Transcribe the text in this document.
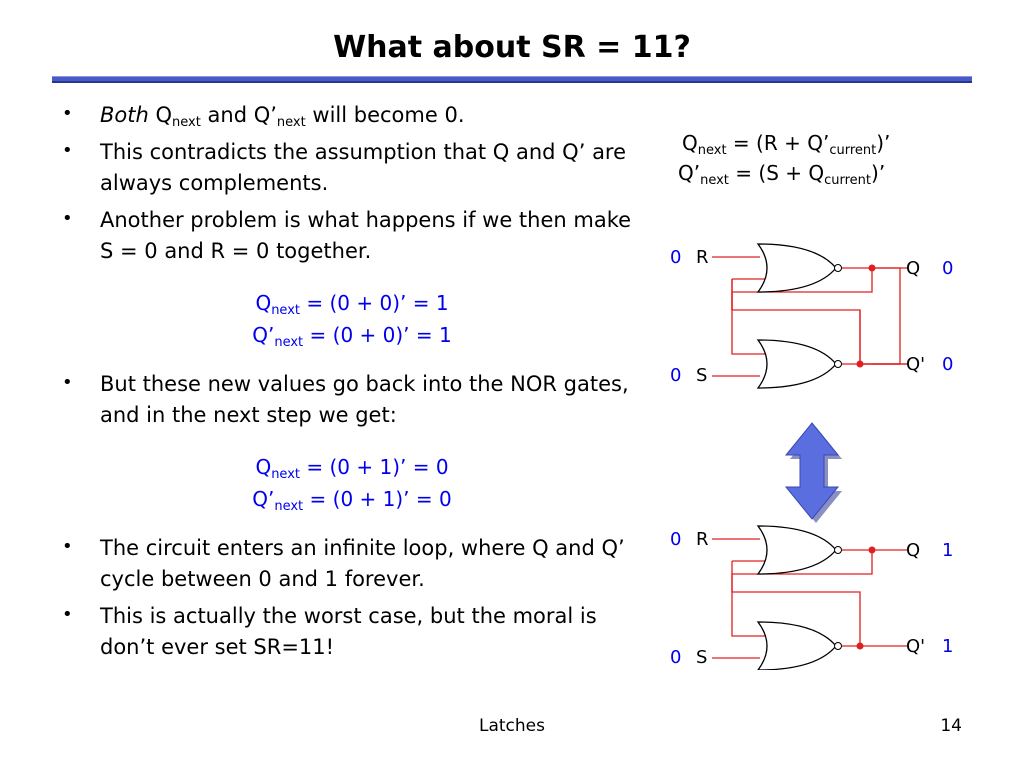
What about SR = 11?

• Both $Q_{next}$ and $Q’_{next}$ will become 0.

• This contradicts the assumption that Q and Q’ are always complements.

• Another problem is what happens if we then make S = 0 and R = 0 together.

$Q_{next} = (0 + 0)$’ = 1
$Q’_{next} = (0 + 0)$’ = 1

• But these new values go back into the NOR gates, and in the next step we get:

$Q_{next} = (0 + 1)$’ = 0
$Q’_{next} = (0 + 1)$’ = 0

• The circuit enters an infinite loop, where Q and Q’ cycle between 0 and 1 forever.

• This is actually the worst case, but the moral is don’t ever set SR=11!

$Q_{next} = (R$ + $Q’_{current}$)’
$Q’_{next} = (S + Q_{current})$’
0 R
0 S
Q 0
Q' 0
0 R
0 S
Q 1
Q' 1
Latches	14
